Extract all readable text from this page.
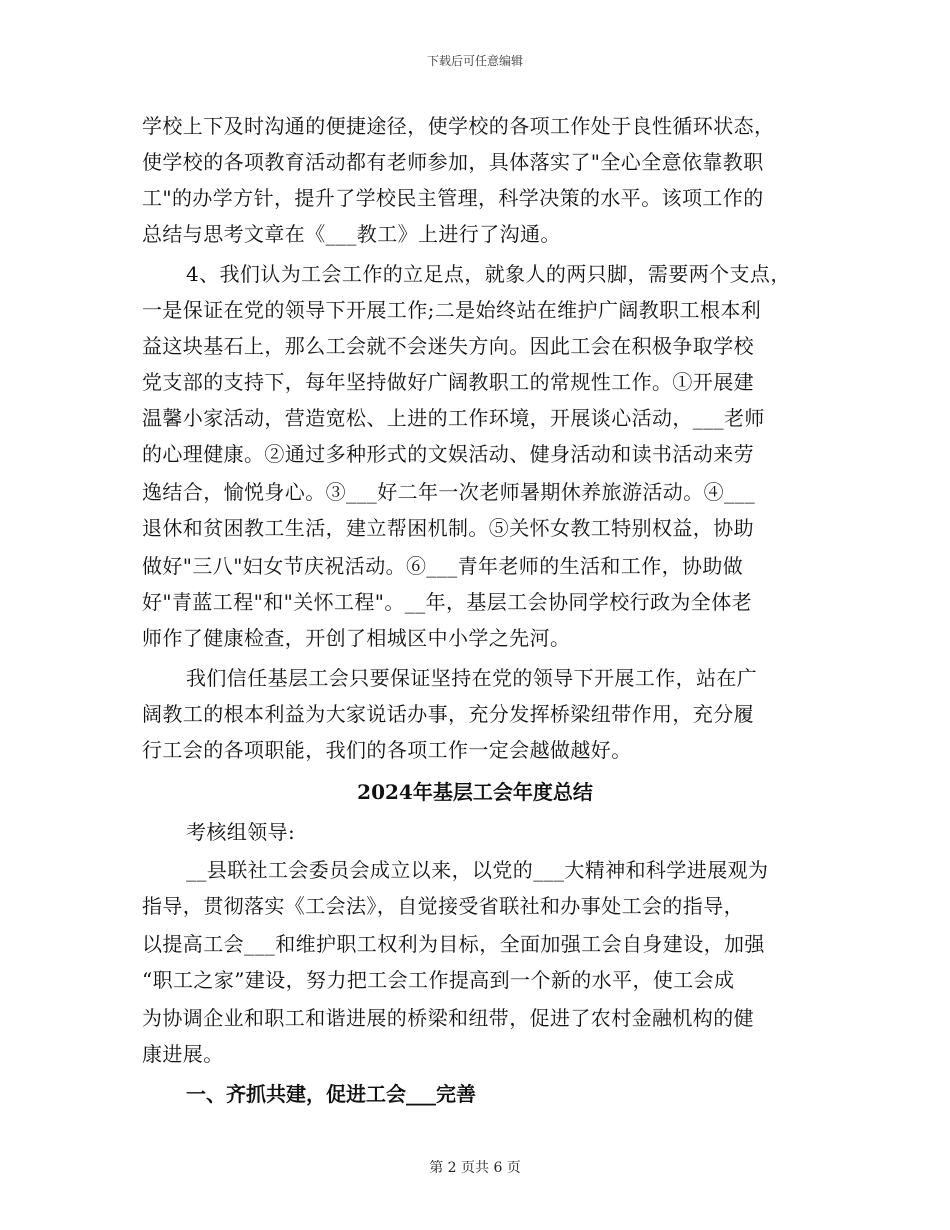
下载后可任意编辑
学校上下及时沟通的便捷途径，使学校的各项工作处于良性循环状态，
使学校的各项教育活动都有老师参加，具体落实了"全心全意依靠教职
工"的办学方针，提升了学校民主管理，科学决策的水平。该项工作的
总结与思考文章在《___教工》上进行了沟通。
4、我们认为工会工作的立足点，就象人的两只脚，需要两个支点，
一是保证在党的领导下开展工作;二是始终站在维护广阔教职工根本利
益这块基石上，那么工会就不会迷失方向。因此工会在积极争取学校
党支部的支持下，每年坚持做好广阔教职工的常规性工作。①开展建
温馨小家活动，营造宽松、上进的工作环境，开展谈心活动，___老师
的心理健康。②通过多种形式的文娱活动、健身活动和读书活动来劳
逸结合，愉悦身心。③___好二年一次老师暑期休养旅游活动。④___
退休和贫困教工生活，建立帮困机制。⑤关怀女教工特别权益，协助
做好"三八"妇女节庆祝活动。⑥___青年老师的生活和工作，协助做
好"青蓝工程"和"关怀工程"。__年，基层工会协同学校行政为全体老
师作了健康检查，开创了相城区中小学之先河。
我们信任基层工会只要保证坚持在党的领导下开展工作，站在广
阔教工的根本利益为大家说话办事，充分发挥桥梁纽带作用，充分履
行工会的各项职能，我们的各项工作一定会越做越好。
2024年基层工会年度总结
考核组领导:
__县联社工会委员会成立以来，以党的___大精神和科学进展观为
指导，贯彻落实《工会法》，自觉接受省联社和办事处工会的指导，
以提高工会___和维护职工权利为目标，全面加强工会自身建设，加强
“职工之家”建设，努力把工会工作提高到一个新的水平，使工会成
为协调企业和职工和谐进展的桥梁和纽带，促进了农村金融机构的健
康进展。
一、齐抓共建，促进工会___完善
第 2 页共 6 页
